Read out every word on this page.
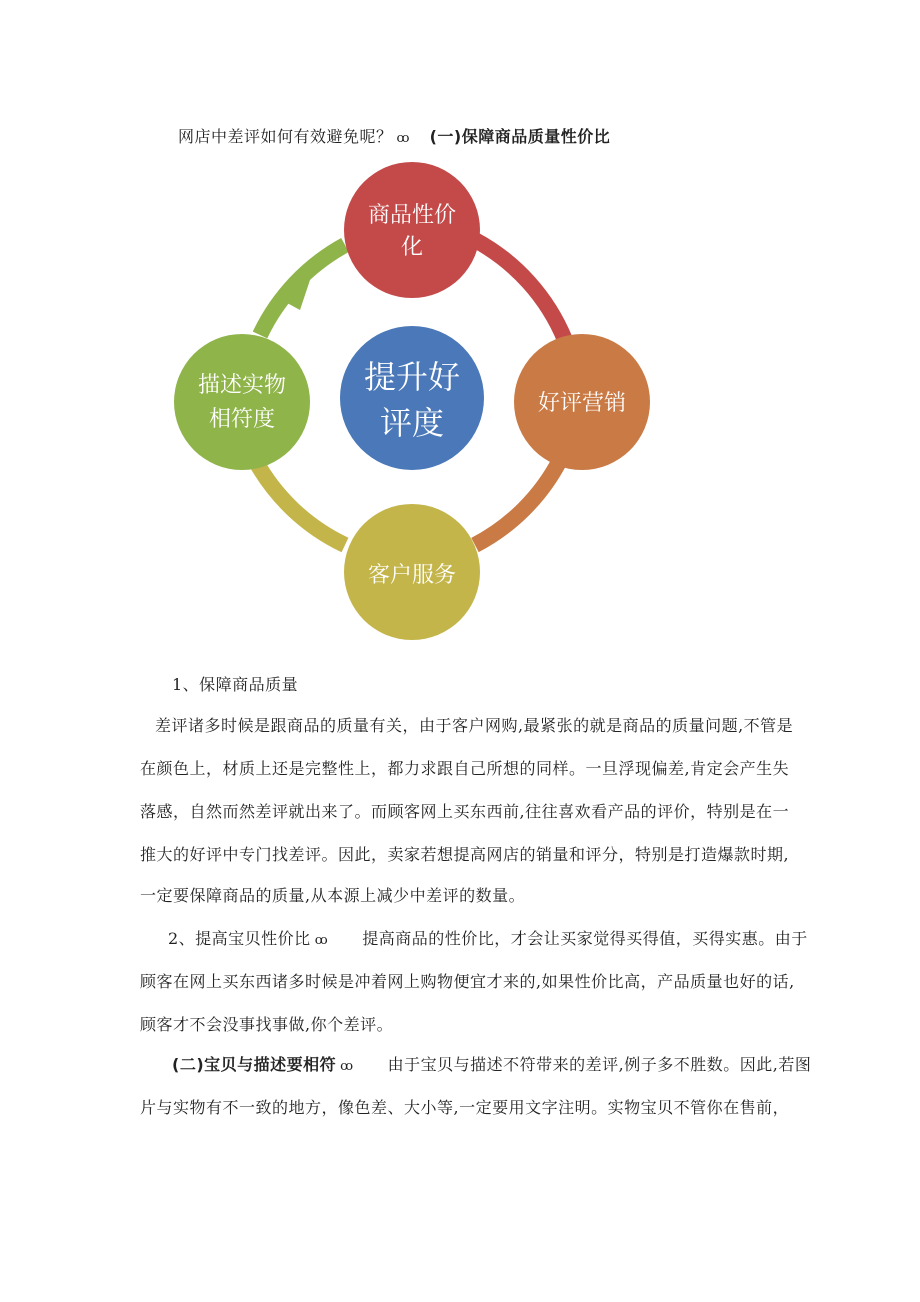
网店中差评如何有效避免呢？ ꝏ (一)保障商品质量性价比
提升好
评度
商品性价
化
好评营销
客户服务
描述实物
相符度
1、保障商品质量
差评诸多时候是跟商品的质量有关，由于客户网购,最紧张的就是商品的质量问题,不管是
在颜色上，材质上还是完整性上，都力求跟自己所想的同样。一旦浮现偏差,肯定会产生失
落感，自然而然差评就出来了。而顾客网上买东西前,往往喜欢看产品的评价，特别是在一
推大的好评中专门找差评。因此，卖家若想提高网店的销量和评分，特别是打造爆款时期,
一定要保障商品的质量,从本源上减少中差评的数量。
2、提高宝贝性价比 ꝏ 提高商品的性价比，才会让买家觉得买得值，买得实惠。由于
顾客在网上买东西诸多时候是冲着网上购物便宜才来的,如果性价比高，产品质量也好的话,
顾客才不会没事找事做,你个差评。
(二)宝贝与描述要相符 ꝏ 由于宝贝与描述不符带来的差评,例子多不胜数。因此,若图
片与实物有不一致的地方，像色差、大小等,一定要用文字注明。实物宝贝不管你在售前，
